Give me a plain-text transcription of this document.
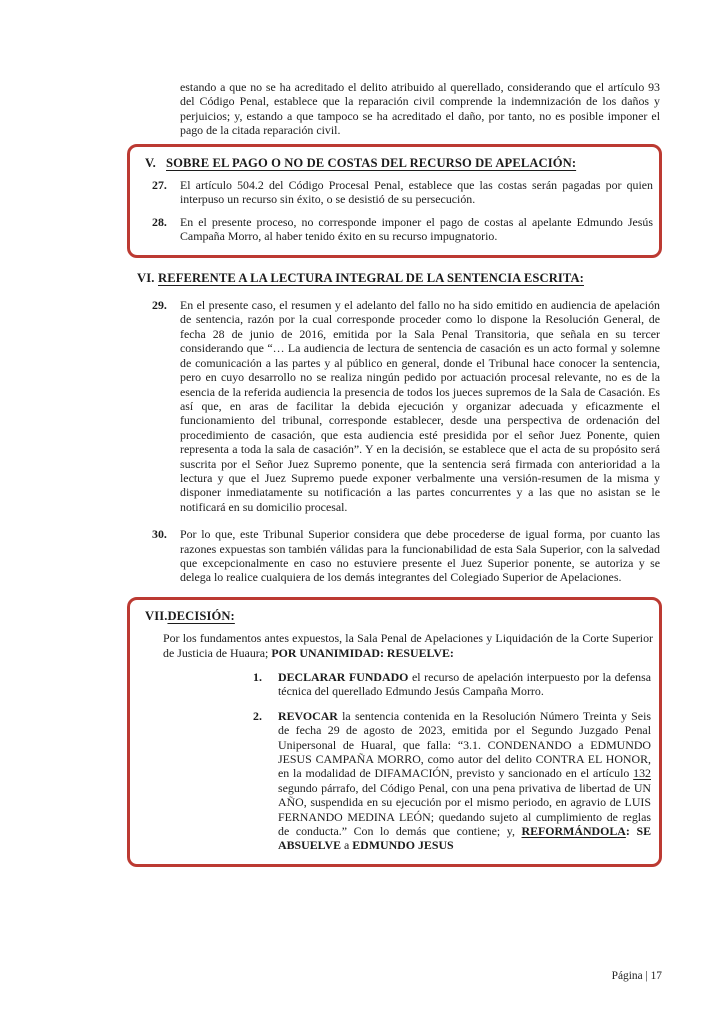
estando a que no se ha acreditado el delito atribuido al querellado, considerando que el artículo 93 del Código Penal, establece que la reparación civil comprende la indemnización de los daños y perjuicios; y, estando a que tampoco se ha acreditado el daño, por tanto, no es posible imponer el pago de la citada reparación civil.

V. SOBRE EL PAGO O NO DE COSTAS DEL RECURSO DE APELACIÓN:
27. El artículo 504.2 del Código Procesal Penal, establece que las costas serán pagadas por quien interpuso un recurso sin éxito, o se desistió de su persecución.
28. En el presente proceso, no corresponde imponer el pago de costas al apelante Edmundo Jesús Campaña Morro, al haber tenido éxito en su recurso impugnatorio.
VI. REFERENTE A LA LECTURA INTEGRAL DE LA SENTENCIA ESCRITA:
29. En el presente caso, el resumen y el adelanto del fallo no ha sido emitido en audiencia de apelación de sentencia, razón por la cual corresponde proceder como lo dispone la Resolución General, de fecha 28 de junio de 2016, emitida por la Sala Penal Transitoria, que señala en su tercer considerando que “… La audiencia de lectura de sentencia de casación es un acto formal y solemne de comunicación a las partes y al público en general, donde el Tribunal hace conocer la sentencia, pero en cuyo desarrollo no se realiza ningún pedido por actuación procesal relevante, no es de la esencia de la referida audiencia la presencia de todos los jueces supremos de la Sala de Casación. Es así que, en aras de facilitar la debida ejecución y organizar adecuada y eficazmente el funcionamiento del tribunal, corresponde establecer, desde una perspectiva de ordenación del procedimiento de casación, que esta audiencia esté presidida por el señor Juez Ponente, quien representa a toda la sala de casación”. Y en la decisión, se establece que el acta de su propósito será suscrita por el Señor Juez Supremo ponente, que la sentencia será firmada con anterioridad a la lectura y que el Juez Supremo puede exponer verbalmente una versión-resumen de la misma y disponer inmediatamente su notificación a las partes concurrentes y a las que no asistan se le notificará en su domicilio procesal.
30. Por lo que, este Tribunal Superior considera que debe procederse de igual forma, por cuanto las razones expuestas son también válidas para la funcionabilidad de esta Sala Superior, con la salvedad que excepcionalmente en caso no estuviere presente el Juez Superior ponente, se autoriza y se delega lo realice cualquiera de los demás integrantes del Colegiado Superior de Apelaciones.
VII.DECISIÓN:

Por los fundamentos antes expuestos, la Sala Penal de Apelaciones y Liquidación de la Corte Superior de Justicia de Huaura; POR UNANIMIDAD: RESUELVE:

1. DECLARAR FUNDADO el recurso de apelación interpuesto por la defensa técnica del querellado Edmundo Jesús Campaña Morro.
2. REVOCAR la sentencia contenida en la Resolución Número Treinta y Seis de fecha 29 de agosto de 2023, emitida por el Segundo Juzgado Penal Unipersonal de Huaral, que falla: “3.1. CONDENANDO a EDMUNDO JESUS CAMPAÑA MORRO, como autor del delito CONTRA EL HONOR, en la modalidad de DIFAMACIÓN, previsto y sancionado en el artículo 132 segundo párrafo, del Código Penal, con una pena privativa de libertad de UN AÑO, suspendida en su ejecución por el mismo periodo, en agravio de LUIS FERNANDO MEDINA LEÓN; quedando sujeto al cumplimiento de reglas de conducta.” Con lo demás que contiene; y, REFORMÁNDOLA: SE ABSUELVE a EDMUNDO JESUS
Página | 17
